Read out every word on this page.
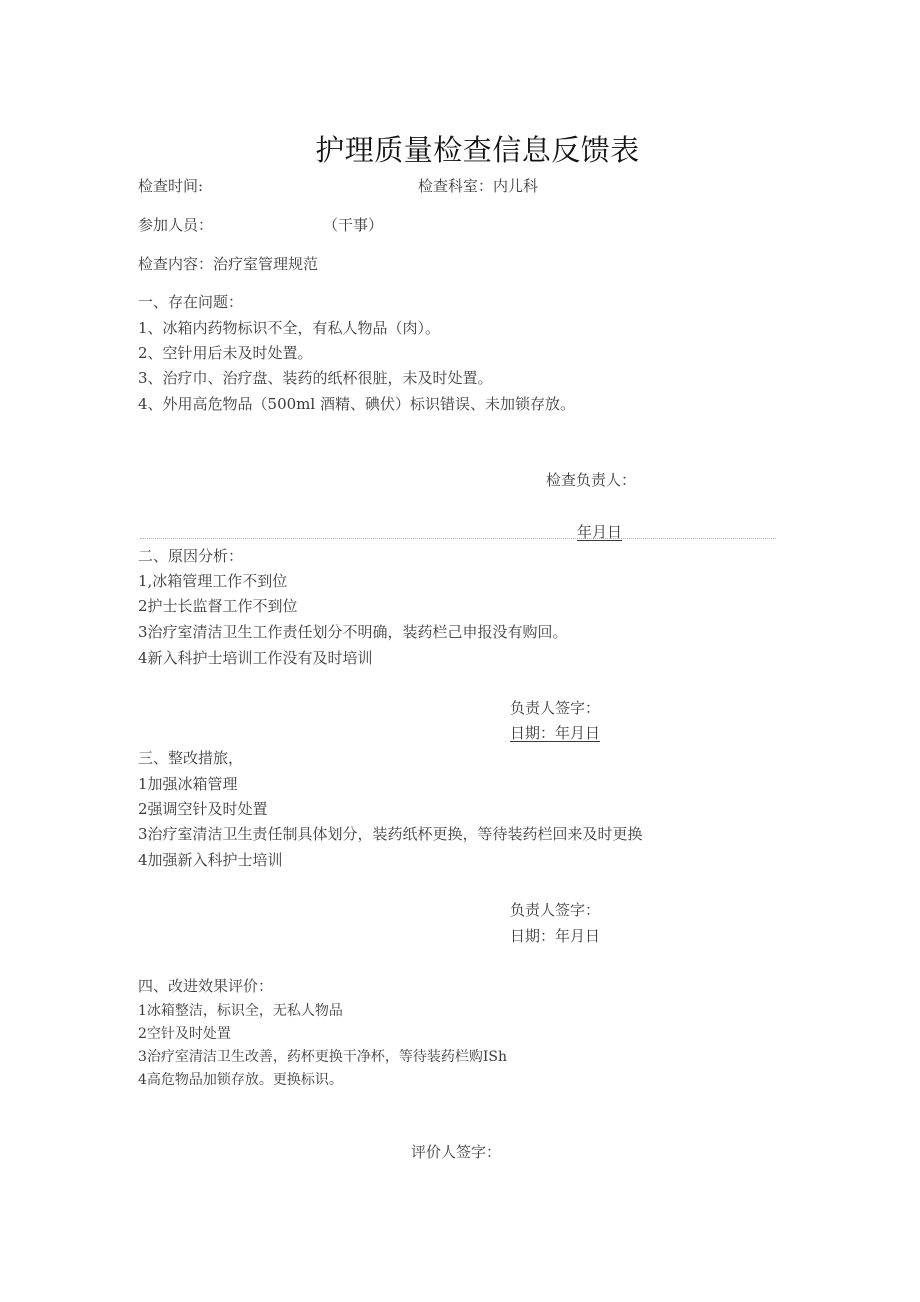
护理质量检查信息反馈表
检查时间:	检查科室：内儿科
参加人员：	（干事）
检查内容：治疗室管理规范
一、存在问题：
1、冰箱内药物标识不全，有私人物品（肉）。
2、空针用后未及时处置。
3、治疗巾、治疗盘、装药的纸杯很脏，未及时处置。
4、外用高危物品（500ml 酒精、碘伏）标识错误、未加锁存放。
检查负责人：
年月日
二、原因分析：
1,冰箱管理工作不到位
2护士长监督工作不到位
3治疗室清洁卫生工作责任划分不明确，装药栏己申报没有购回。
4新入科护士培训工作没有及时培训
负责人签字：
日期：年月日
三、整改措旅，
1加强冰箱管理
2强调空针及时处置
3治疗室清洁卫生责任制具体划分，装药纸杯更换，等待装药栏回来及时更换
4加强新入科护士培训
负责人签字：
日期：年月日
四、改进效果评价：
1冰箱整洁，标识全，无私人物品
2空针及时处置
3治疗室清洁卫生改善，药杯更换干净杯，等待装药栏购ISh
4高危物品加锁存放。更换标识。
评价人签字：
